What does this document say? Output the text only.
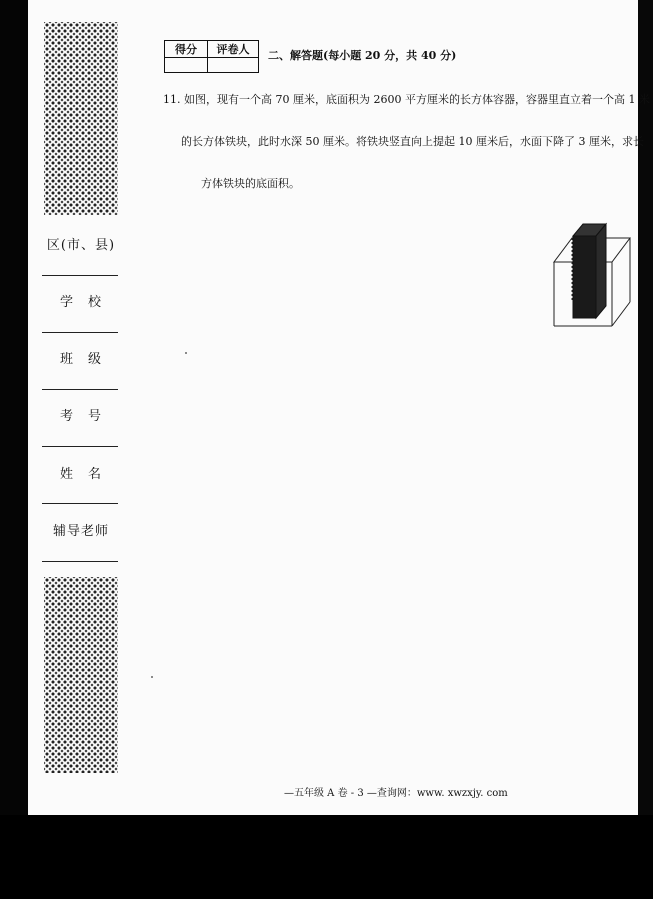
区(市、县)
学　校
班　级
考　号
姓　名
辅导老师
得分	评卷人
	二、解答题(每小题 20 分，共 40 分)
11. 如图，现有一个高 70 厘米，底面积为 2600 平方厘米的长方体容器，容器里直立着一个高 1 米
的长方体铁块，此时水深 50 厘米。将铁块竖直向上提起 10 厘米后，水面下降了 3 厘米，求长
方体铁块的底面积。
—五年级 A 卷 - 3 —查询网：www. xwzxjy. com
